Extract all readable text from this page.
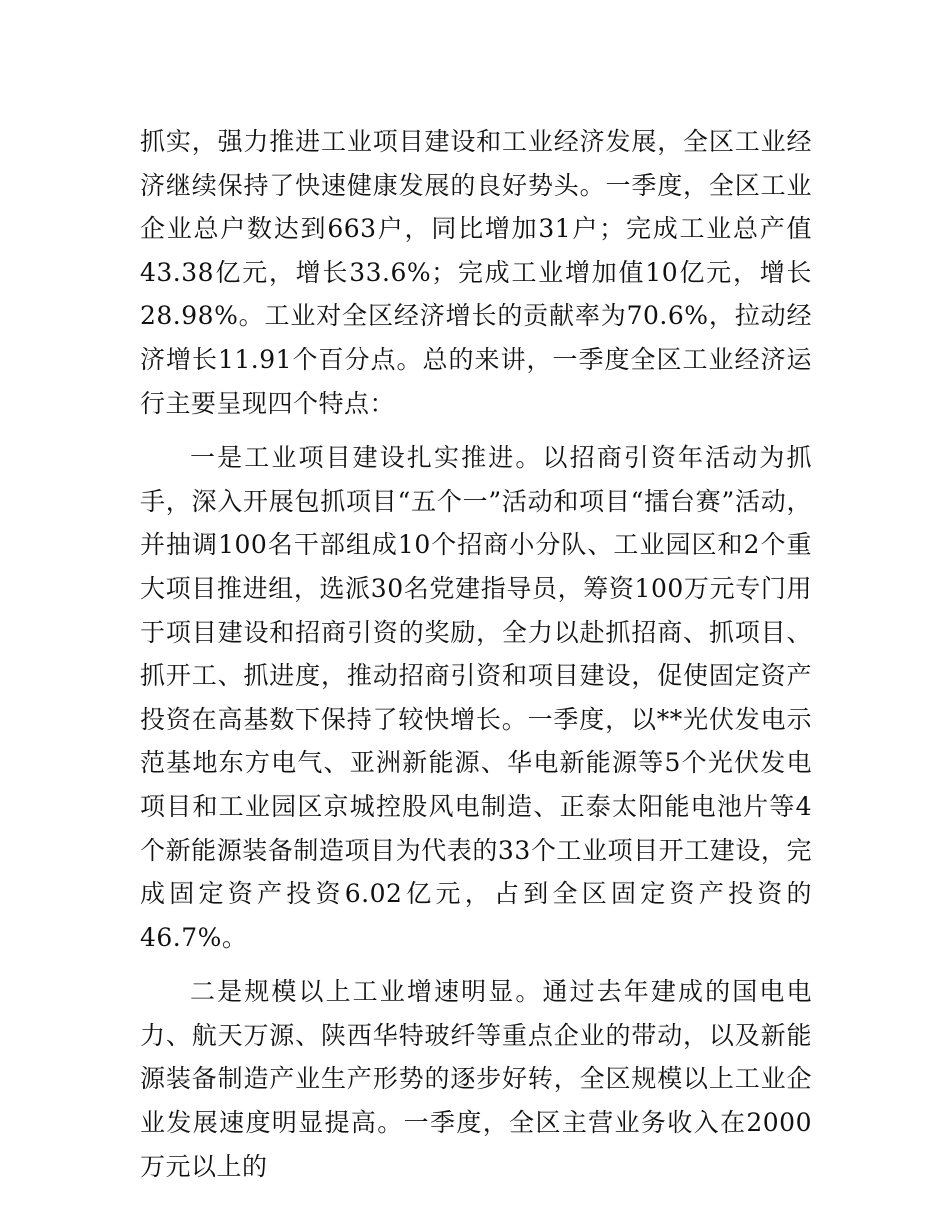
抓实，强力推进工业项目建设和工业经济发展，全区工业经济继续保持了快速健康发展的良好势头。一季度，全区工业企业总户数达到663户，同比增加31户；完成工业总产值43.38亿元，增长33.6%；完成工业增加值10亿元，增长28.98%。工业对全区经济增长的贡献率为70.6%，拉动经济增长11.91个百分点。总的来讲，一季度全区工业经济运行主要呈现四个特点：

一是工业项目建设扎实推进。以招商引资年活动为抓手，深入开展包抓项目“五个一”活动和项目“擂台赛”活动，并抽调100名干部组成10个招商小分队、工业园区和2个重大项目推进组，选派30名党建指导员，筹资100万元专门用于项目建设和招商引资的奖励，全力以赴抓招商、抓项目、抓开工、抓进度，推动招商引资和项目建设，促使固定资产投资在高基数下保持了较快增长。一季度，以**光伏发电示范基地东方电气、亚洲新能源、华电新能源等5个光伏发电项目和工业园区京城控股风电制造、正泰太阳能电池片等4个新能源装备制造项目为代表的33个工业项目开工建设，完成固定资产投资6.02亿元，占到全区固定资产投资的46.7%。

二是规模以上工业增速明显。通过去年建成的国电电力、航天万源、陕西华特玻纤等重点企业的带动，以及新能源装备制造产业生产形势的逐步好转，全区规模以上工业企业发展速度明显提高。一季度，全区主营业务收入在2000万元以上的
